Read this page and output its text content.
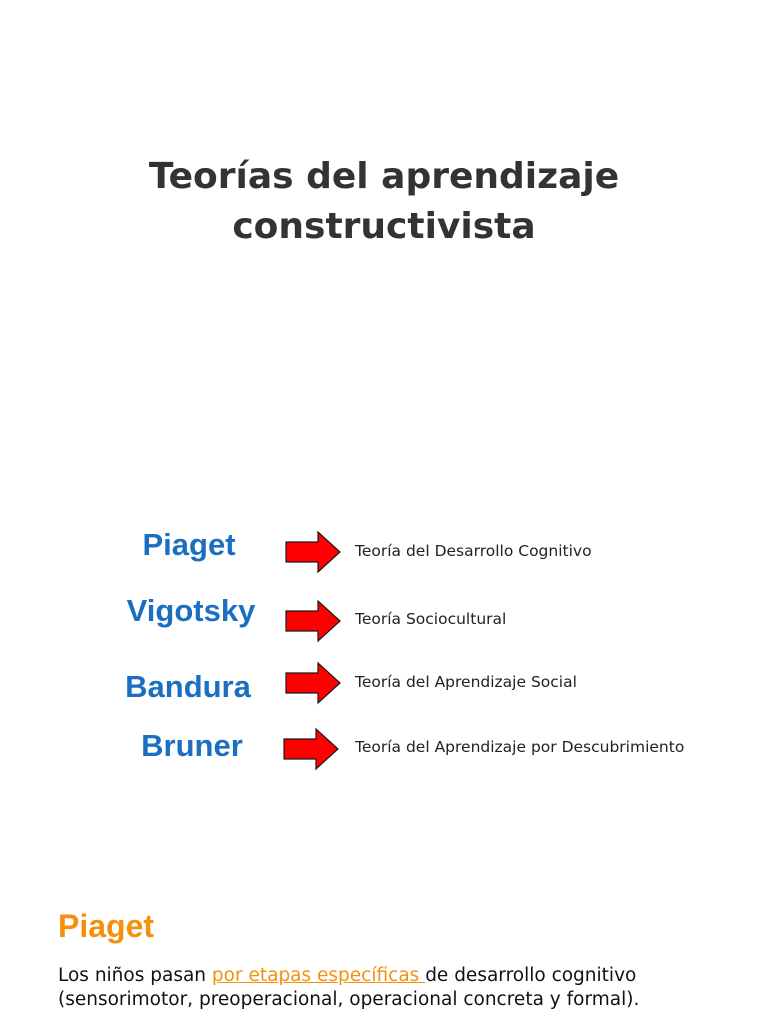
Teorías del aprendizaje
constructivista
Piaget	Teoría del Desarrollo Cognitivo
Vigotsky	Teoría Sociocultural
Bandura	Teoría del Aprendizaje Social
Bruner	Teoría del Aprendizaje por Descubrimiento
Piaget
Los niños pasan por etapas específicas de desarrollo cognitivo
(sensorimotor, preoperacional, operacional concreta y formal).
